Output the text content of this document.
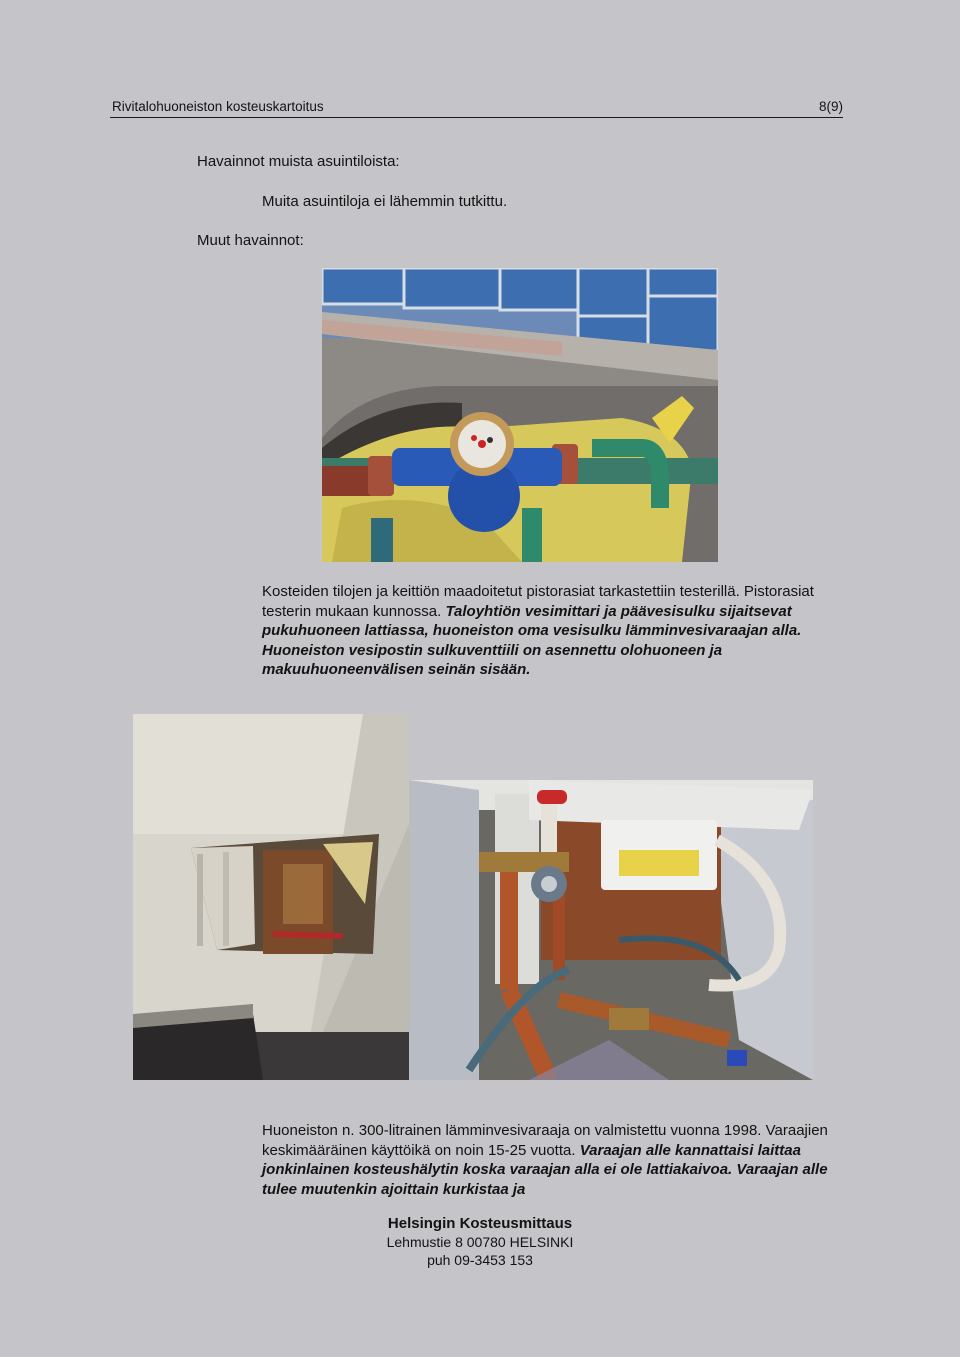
Rivitalohuoneiston kosteuskartoitus	8(9)
Havainnot muista asuintiloista:
Muita asuintiloja ei lähemmin tutkittu.
Muut havainnot:
Kosteiden tilojen ja keittiön maadoitetut pistorasiat tarkastettiin testerillä. Pistorasiat testerin mukaan kunnossa. Taloyhtiön vesimittari ja päävesisulku sijaitsevat pukuhuoneen lattiassa, huoneiston oma vesisulku lämminvesivaraajan alla.
Huoneiston vesipostin sulkuventtiili on asennettu olohuoneen ja makuuhuoneenvälisen seinän sisään.
Huoneiston n. 300-litrainen lämminvesivaraaja on valmistettu vuonna 1998. Varaajien keskimääräinen käyttöikä on noin 15-25 vuotta. Varaajan alle kannattaisi laittaa jonkinlainen kosteushälytin koska varaajan alla ei ole lattiakaivoa. Varaajan alle tulee muutenkin ajoittain kurkistaa ja
Helsingin Kosteusmittaus
Lehmustie 8 00780 HELSINKI
puh 09-3453 153
